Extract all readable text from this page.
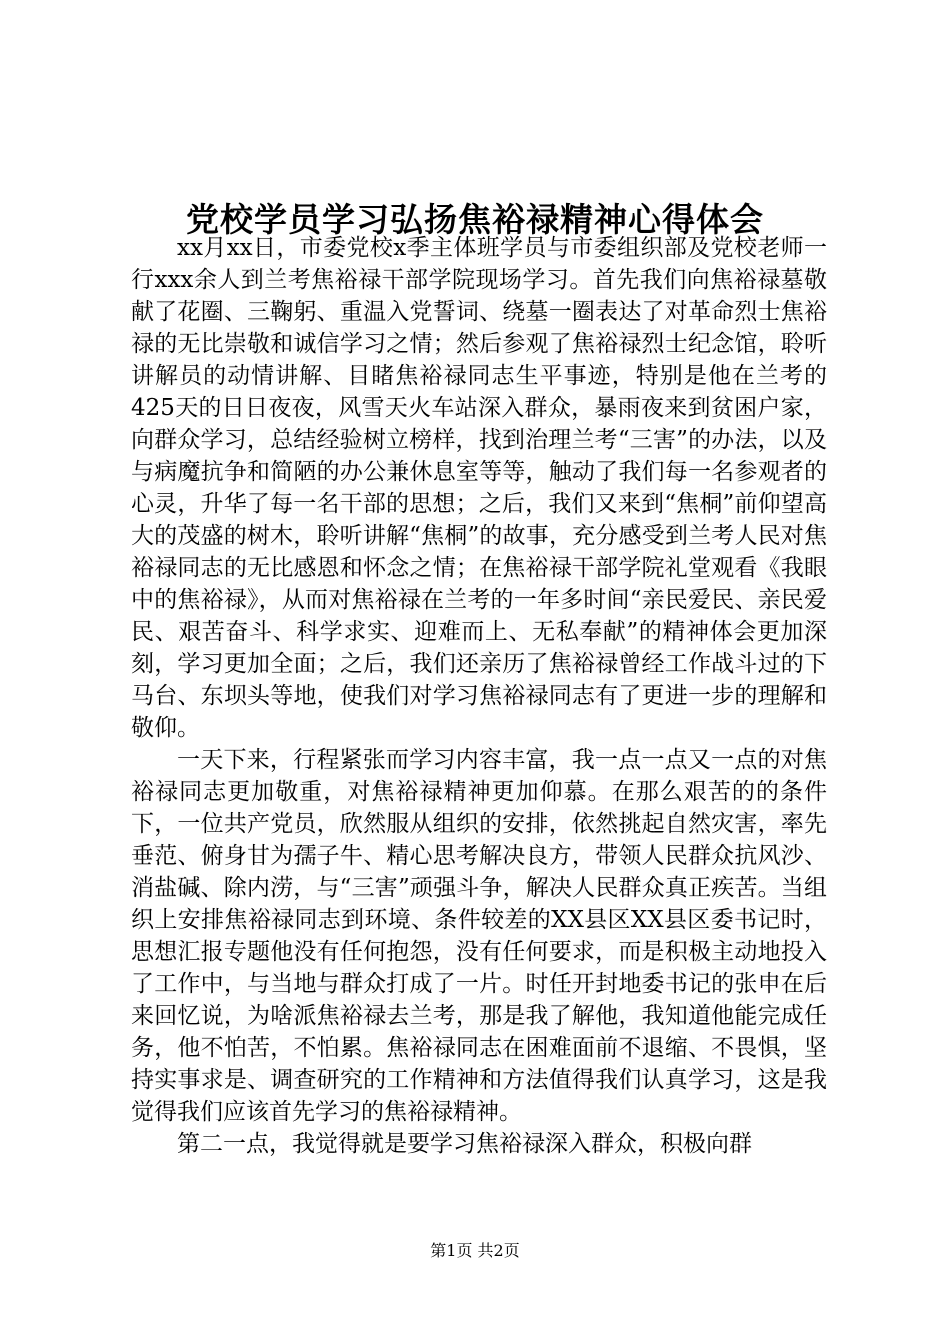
党校学员学习弘扬焦裕禄精神心得体会

xx月xx日，市委党校x季主体班学员与市委组织部及党校老师一行xxx余人到兰考焦裕禄干部学院现场学习。首先我们向焦裕禄墓敬献了花圈、三鞠躬、重温入党誓词、绕墓一圈表达了对革命烈士焦裕禄的无比崇敬和诚信学习之情；然后参观了焦裕禄烈士纪念馆，聆听讲解员的动情讲解、目睹焦裕禄同志生平事迹，特别是他在兰考的425天的日日夜夜，风雪天火车站深入群众，暴雨夜来到贫困户家，向群众学习，总结经验树立榜样，找到治理兰考“三害”的办法，以及与病魔抗争和简陋的办公兼休息室等等，触动了我们每一名参观者的心灵，升华了每一名干部的思想；之后，我们又来到“焦桐”前仰望高大的茂盛的树木，聆听讲解“焦桐”的故事，充分感受到兰考人民对焦裕禄同志的无比感恩和怀念之情；在焦裕禄干部学院礼堂观看《我眼中的焦裕禄》，从而对焦裕禄在兰考的一年多时间“亲民爱民、亲民爱民、艰苦奋斗、科学求实、迎难而上、无私奉献”的精神体会更加深刻，学习更加全面；之后，我们还亲历了焦裕禄曾经工作战斗过的下马台、东坝头等地，使我们对学习焦裕禄同志有了更进一步的理解和敬仰。

一天下来，行程紧张而学习内容丰富，我一点一点又一点的对焦裕禄同志更加敬重，对焦裕禄精神更加仰慕。在那么艰苦的的条件下，一位共产党员，欣然服从组织的安排，依然挑起自然灾害，率先垂范、俯身甘为孺子牛、精心思考解决良方，带领人民群众抗风沙、消盐碱、除内涝，与“三害”顽强斗争，解决人民群众真正疾苦。当组织上安排焦裕禄同志到环境、条件较差的XX县区XX县区委书记时，思想汇报专题他没有任何抱怨，没有任何要求，而是积极主动地投入了工作中，与当地与群众打成了一片。时任开封地委书记的张申在后来回忆说，为啥派焦裕禄去兰考，那是我了解他，我知道他能完成任务，他不怕苦，不怕累。焦裕禄同志在困难面前不退缩、不畏惧，坚持实事求是、调查研究的工作精神和方法值得我们认真学习，这是我觉得我们应该首先学习的焦裕禄精神。

第二一点，我觉得就是要学习焦裕禄深入群众，积极向群

第1页 共2页
